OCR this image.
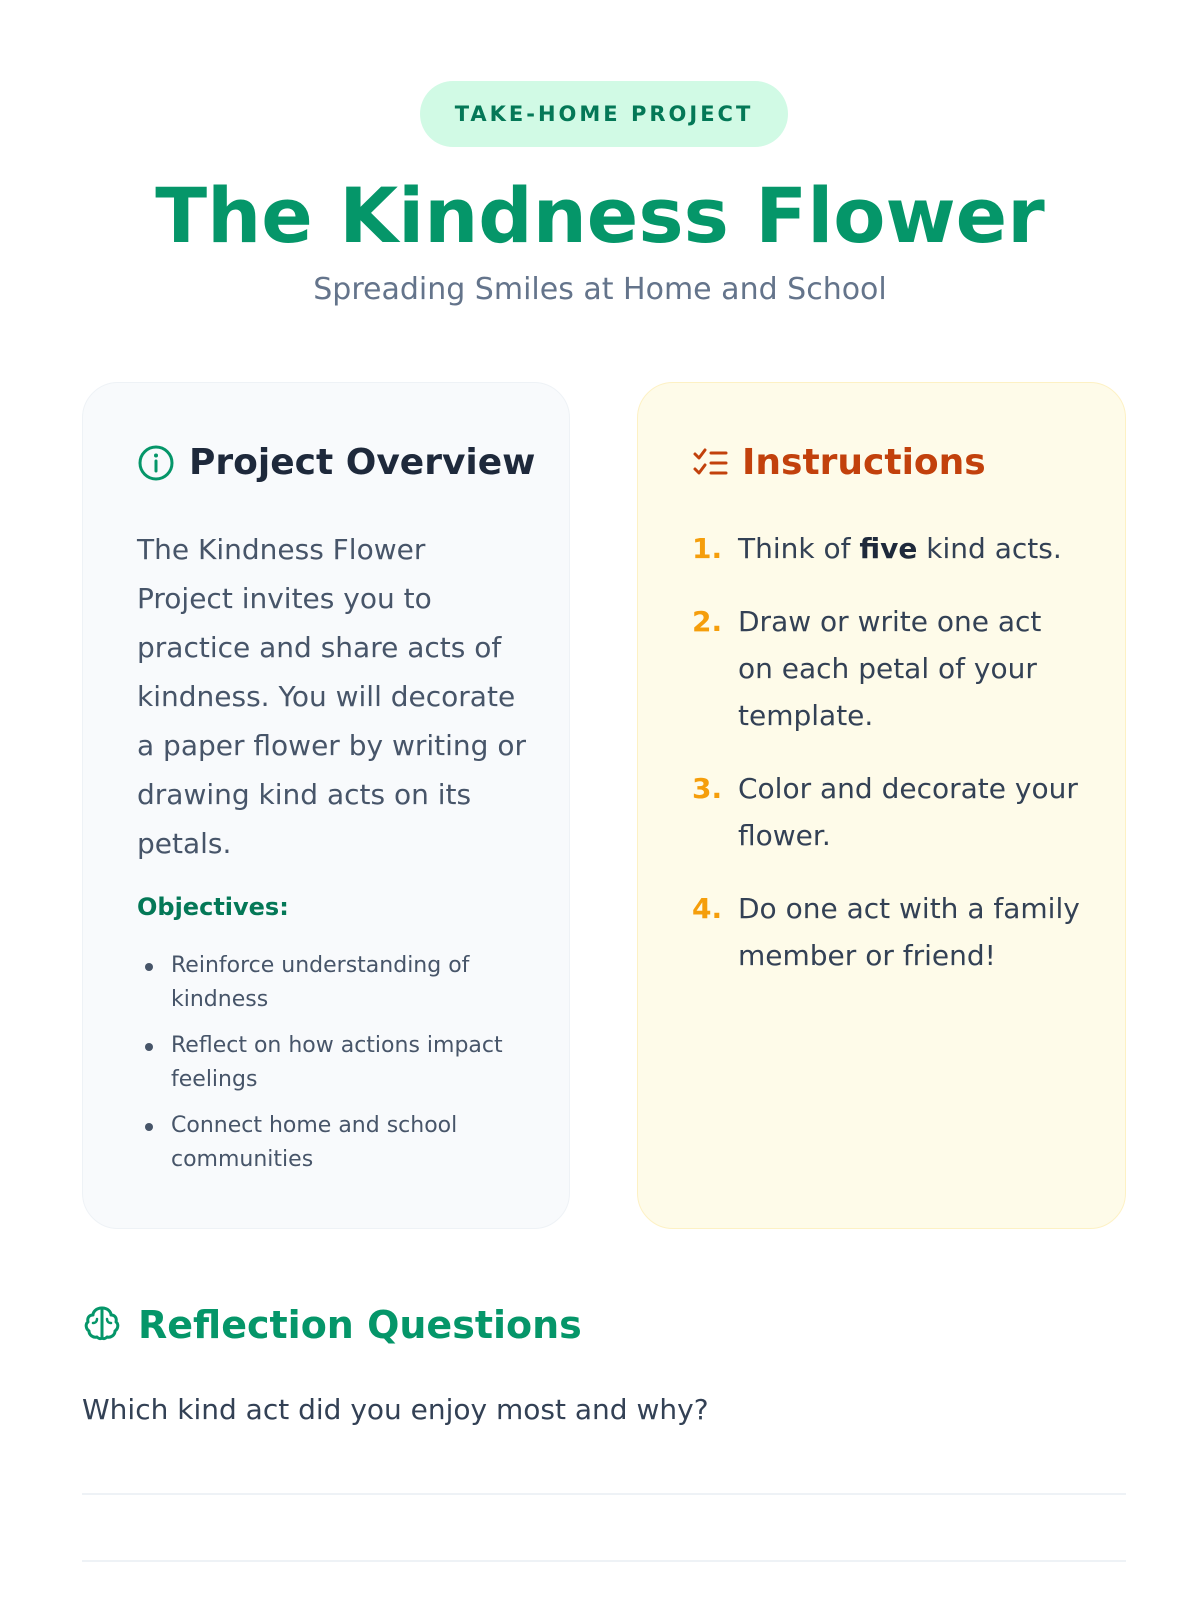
TAKE-HOME PROJECT
The Kindness Flower
Spreading Smiles at Home and School
Project Overview
The Kindness Flower Project invites you to practice and share acts of kindness. You will decorate a paper flower by writing or drawing kind acts on its petals.
Objectives:
Reinforce understanding of kindness
Reflect on how actions impact feelings
Connect home and school communities
Instructions
1. Think of five kind acts.
2. Draw or write one act on each petal of your template.
3. Color and decorate your flower.
4. Do one act with a family member or friend!
Reflection Questions
Which kind act did you enjoy most and why?
